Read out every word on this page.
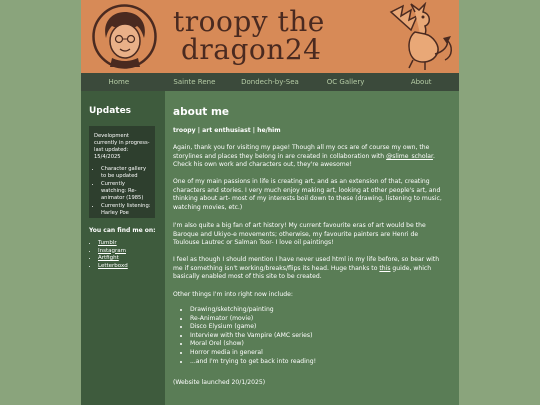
troopy the
dragon24
Home	Sainte Rene	Dondech-by-Sea	OC Gallery	About
Updates
Development currently in progress- last updated: 15/4/2025
• Character gallery to be updated
• Currently watching: Re-animator (1985)
• Currently listening: Harley Poe
You can find me on:
• Tumblr
• Instagram
• Artfight
• Letterboxd
about me
troopy | art enthusiast | he/him

Again, thank you for visiting my page! Though all my ocs are of course my own, the storylines and places they belong in are created in collaboration with @slime_scholar. Check his own work and characters out, they're awesome!

One of my main passions in life is creating art, and as an extension of that, creating characters and stories. I very much enjoy making art, looking at other people's art, and thinking about art- most of my interests boil down to these (drawing, listening to music, watching movies, etc.)

I'm also quite a big fan of art history! My current favourite eras of art would be the Baroque and Ukiyo-e movements; otherwise, my favourite painters are Henri de Toulouse Lautrec or Salman Toor- I love oil paintings!

I feel as though I should mention I have never used html in my life before, so bear with me if something isn't working/breaks/flips its head. Huge thanks to this guide, which basically enabled most of this site to be created.

Other things I'm into right now include:

• Drawing/sketching/painting
• Re-Animator (movie)
• Disco Elysium (game)
• Interview with the Vampire (AMC series)
• Moral Orel (show)
• Horror media in general
• ...and I'm trying to get back into reading!
(Website launched 20/1/2025)
